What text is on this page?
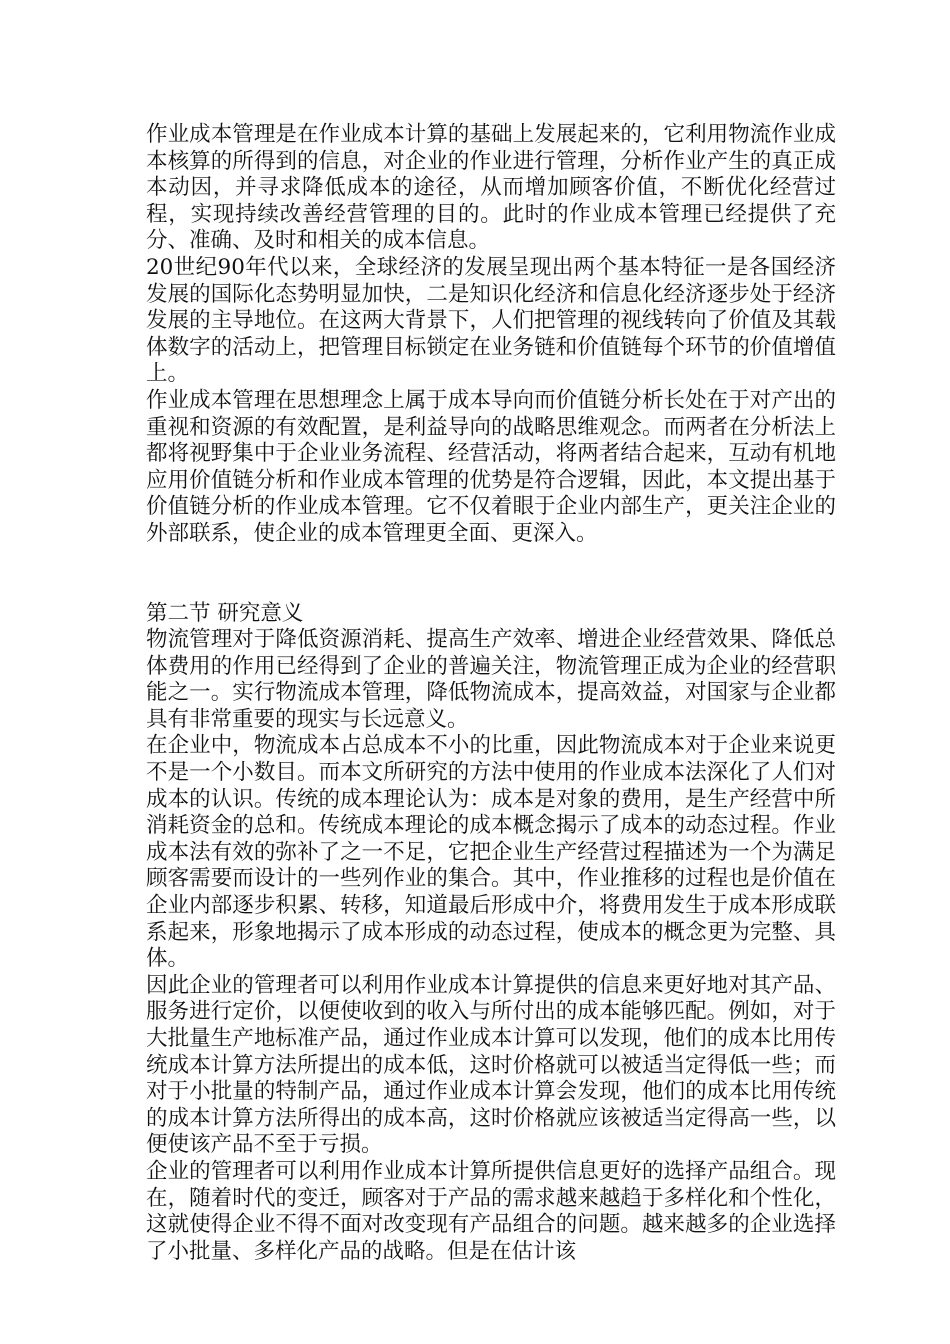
作业成本管理是在作业成本计算的基础上发展起来的，它利用物流作业成本核算的所得到的信息，对企业的作业进行管理，分析作业产生的真正成本动因，并寻求降低成本的途径，从而增加顾客价值，不断优化经营过程，实现持续改善经营管理的目的。此时的作业成本管理已经提供了充分、准确、及时和相关的成本信息。

20世纪90年代以来，全球经济的发展呈现出两个基本特征一是各国经济发展的国际化态势明显加快，二是知识化经济和信息化经济逐步处于经济发展的主导地位。在这两大背景下，人们把管理的视线转向了价值及其载体数字的活动上，把管理目标锁定在业务链和价值链每个环节的价值增值上。

作业成本管理在思想理念上属于成本导向而价值链分析长处在于对产出的重视和资源的有效配置，是利益导向的战略思维观念。而两者在分析法上都将视野集中于企业业务流程、经营活动，将两者结合起来，互动有机地应用价值链分析和作业成本管理的优势是符合逻辑，因此，本文提出基于价值链分析的作业成本管理。它不仅着眼于企业内部生产，更关注企业的外部联系，使企业的成本管理更全面、更深入。

第二节 研究意义

物流管理对于降低资源消耗、提高生产效率、增进企业经营效果、降低总体费用的作用已经得到了企业的普遍关注，物流管理正成为企业的经营职能之一。实行物流成本管理，降低物流成本，提高效益，对国家与企业都具有非常重要的现实与长远意义。

在企业中，物流成本占总成本不小的比重，因此物流成本对于企业来说更不是一个小数目。而本文所研究的方法中使用的作业成本法深化了人们对成本的认识。传统的成本理论认为：成本是对象的费用，是生产经营中所消耗资金的总和。传统成本理论的成本概念揭示了成本的动态过程。作业成本法有效的弥补了之一不足，它把企业生产经营过程描述为一个为满足顾客需要而设计的一些列作业的集合。其中，作业推移的过程也是价值在企业内部逐步积累、转移，知道最后形成中介，将费用发生于成本形成联系起来，形象地揭示了成本形成的动态过程，使成本的概念更为完整、具体。

因此企业的管理者可以利用作业成本计算提供的信息来更好地对其产品、服务进行定价，以便使收到的收入与所付出的成本能够匹配。例如，对于大批量生产地标准产品，通过作业成本计算可以发现，他们的成本比用传统成本计算方法所提出的成本低，这时价格就可以被适当定得低一些；而对于小批量的特制产品，通过作业成本计算会发现，他们的成本比用传统的成本计算方法所得出的成本高，这时价格就应该被适当定得高一些，以便使该产品不至于亏损。

企业的管理者可以利用作业成本计算所提供信息更好的选择产品组合。现在，随着时代的变迁，顾客对于产品的需求越来越趋于多样化和个性化，这就使得企业不得不面对改变现有产品组合的问题。越来越多的企业选择了小批量、多样化产品的战略。但是在估计该
